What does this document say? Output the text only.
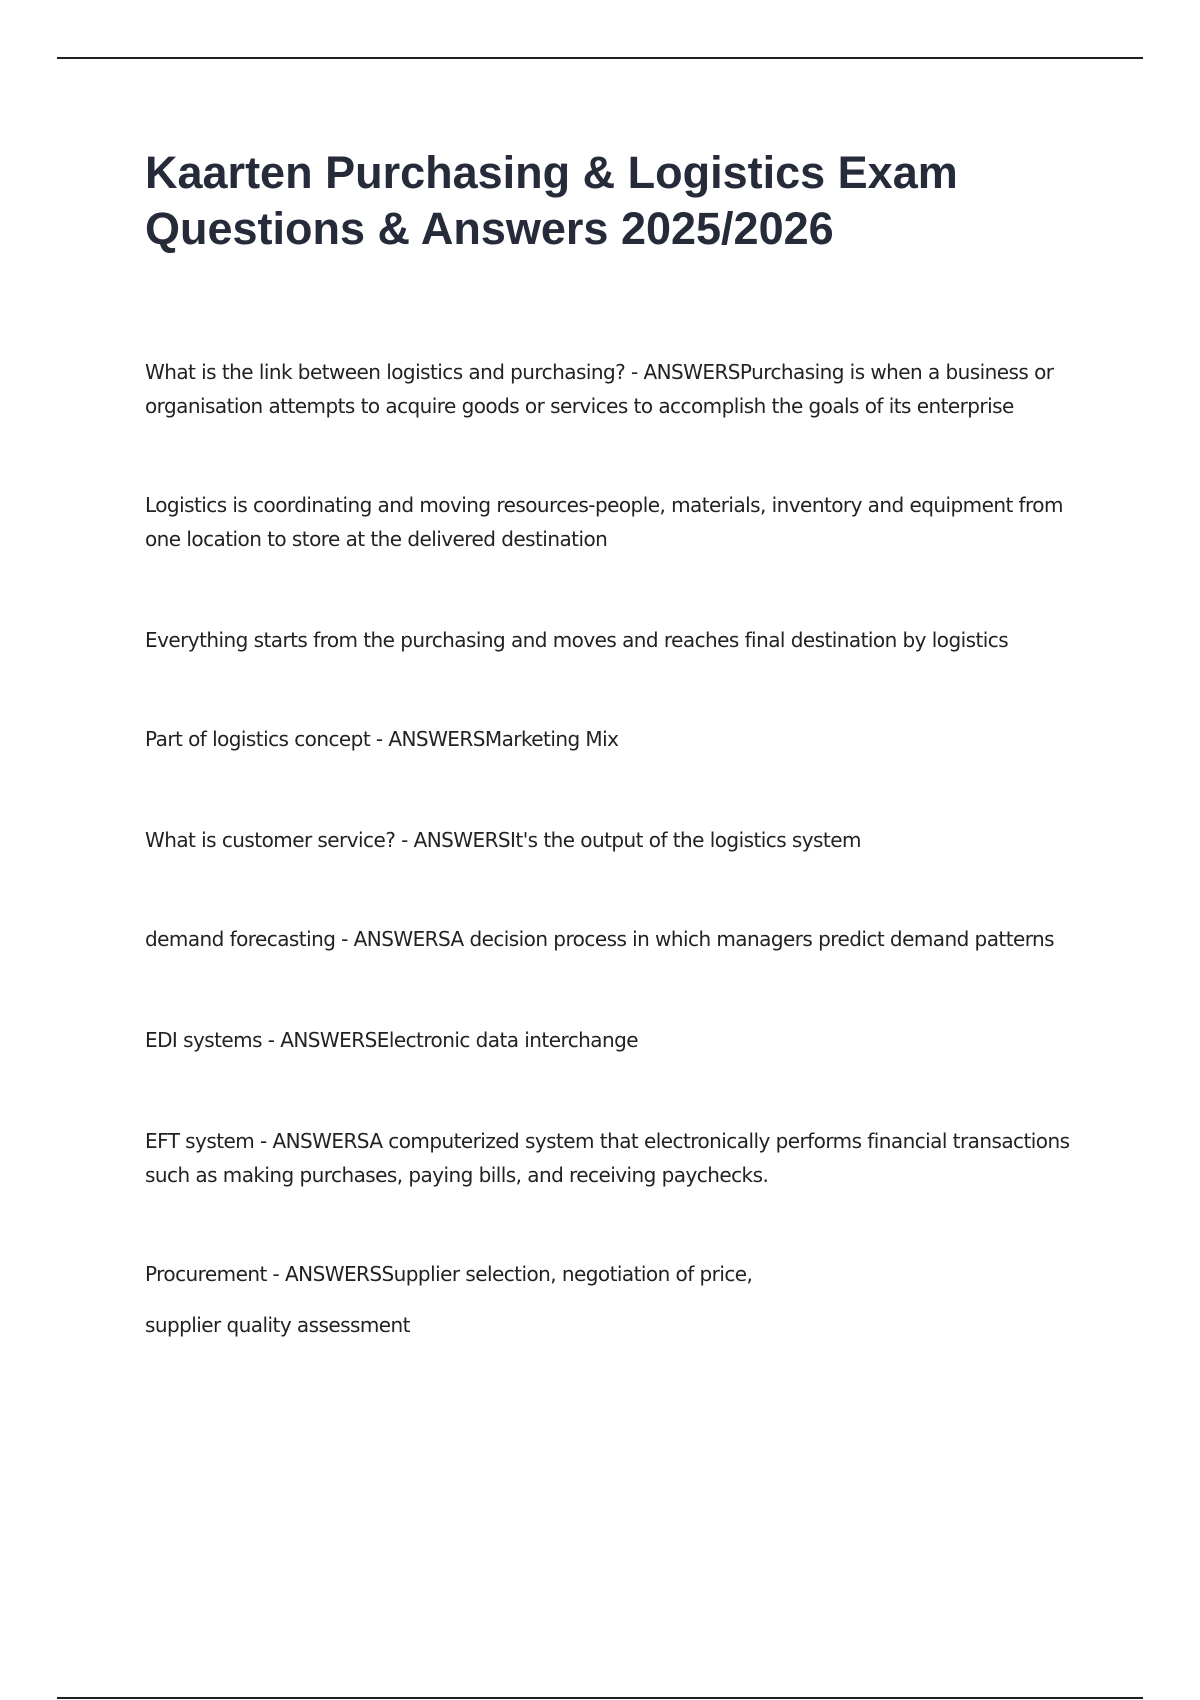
Kaarten Purchasing & Logistics Exam Questions & Answers 2025/2026

What is the link between logistics and purchasing? - ANSWERSPurchasing is when a business or organisation attempts to acquire goods or services to accomplish the goals of its enterprise

Logistics is coordinating and moving resources-people, materials, inventory and equipment from one location to store at the delivered destination

Everything starts from the purchasing and moves and reaches final destination by logistics

Part of logistics concept - ANSWERSMarketing Mix

What is customer service? - ANSWERSIt's the output of the logistics system

demand forecasting - ANSWERSA decision process in which managers predict demand patterns

EDI systems - ANSWERSElectronic data interchange

EFT system - ANSWERSA computerized system that electronically performs financial transactions such as making purchases, paying bills, and receiving paychecks.

Procurement - ANSWERSSupplier selection, negotiation of price,

supplier quality assessment
